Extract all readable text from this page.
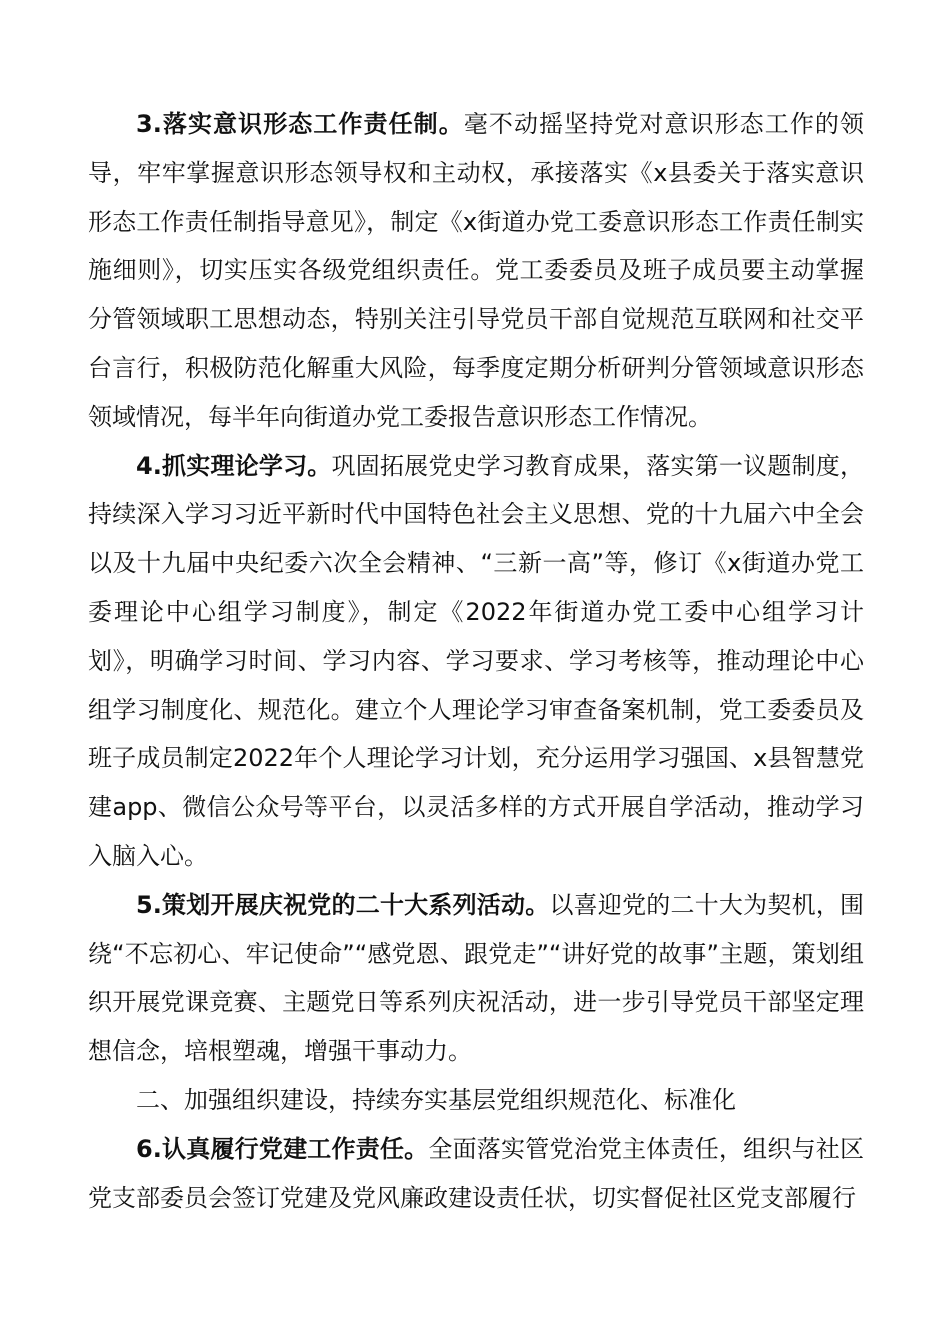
3.落实意识形态工作责任制。毫不动摇坚持党对意识形态工作的领导，牢牢掌握意识形态领导权和主动权，承接落实《x县委关于落实意识形态工作责任制指导意见》，制定《x街道办党工委意识形态工作责任制实施细则》，切实压实各级党组织责任。党工委委员及班子成员要主动掌握分管领域职工思想动态，特别关注引导党员干部自觉规范互联网和社交平台言行，积极防范化解重大风险，每季度定期分析研判分管领域意识形态领域情况，每半年向街道办党工委报告意识形态工作情况。

4.抓实理论学习。巩固拓展党史学习教育成果，落实第一议题制度，持续深入学习习近平新时代中国特色社会主义思想、党的十九届六中全会以及十九届中央纪委六次全会精神、“三新一高”等，修订《x街道办党工委理论中心组学习制度》，制定《2022年街道办党工委中心组学习计划》，明确学习时间、学习内容、学习要求、学习考核等，推动理论中心组学习制度化、规范化。建立个人理论学习审查备案机制，党工委委员及班子成员制定2022年个人理论学习计划，充分运用学习强国、x县智慧党建app、微信公众号等平台，以灵活多样的方式开展自学活动，推动学习入脑入心。

5.策划开展庆祝党的二十大系列活动。以喜迎党的二十大为契机，围绕“不忘初心、牢记使命”“感党恩、跟党走”“讲好党的故事”主题，策划组织开展党课竞赛、主题党日等系列庆祝活动，进一步引导党员干部坚定理想信念，培根塑魂，增强干事动力。

二、加强组织建设，持续夯实基层党组织规范化、标准化

6.认真履行党建工作责任。全面落实管党治党主体责任，组织与社区党支部委员会签订党建及党风廉政建设责任状，切实督促社区党支部履行
